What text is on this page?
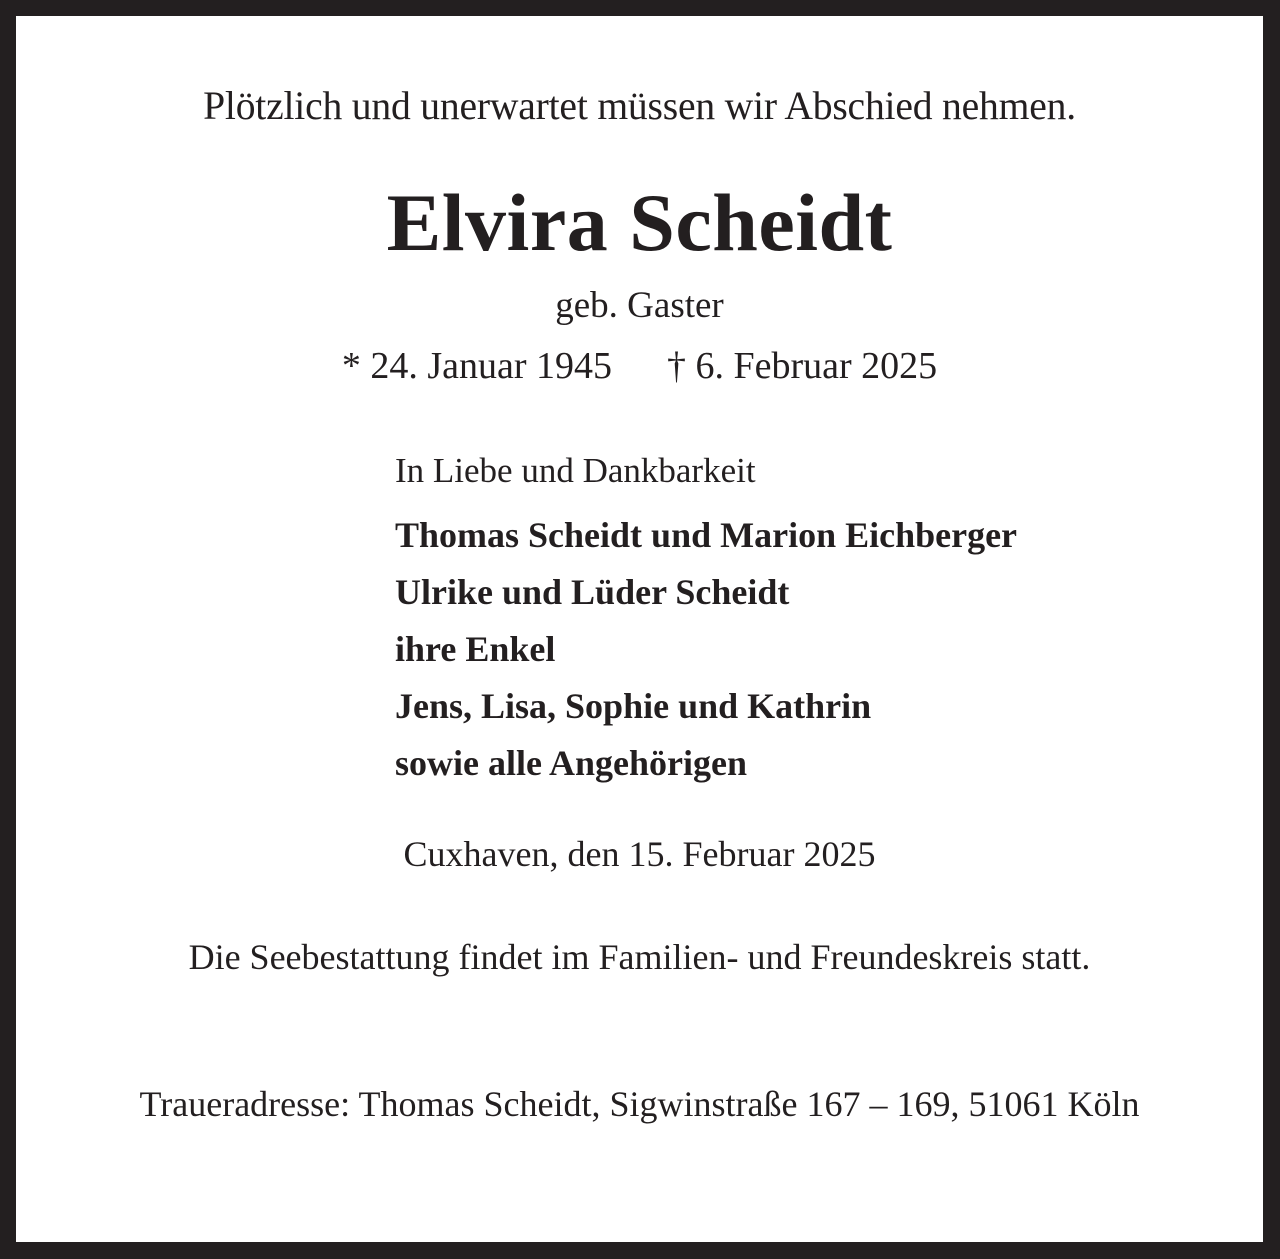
Plötzlich und unerwartet müssen wir Abschied nehmen.
Elvira Scheidt
geb. Gaster
* 24. Januar 1945 † 6. Februar 2025
In Liebe und Dankbarkeit
Thomas Scheidt und Marion Eichberger
Ulrike und Lüder Scheidt
ihre Enkel
Jens, Lisa, Sophie und Kathrin
sowie alle Angehörigen
Cuxhaven, den 15. Februar 2025
Die Seebestattung findet im Familien- und Freundeskreis statt.
Traueradresse: Thomas Scheidt, Sigwinstraße 167 – 169, 51061 Köln
